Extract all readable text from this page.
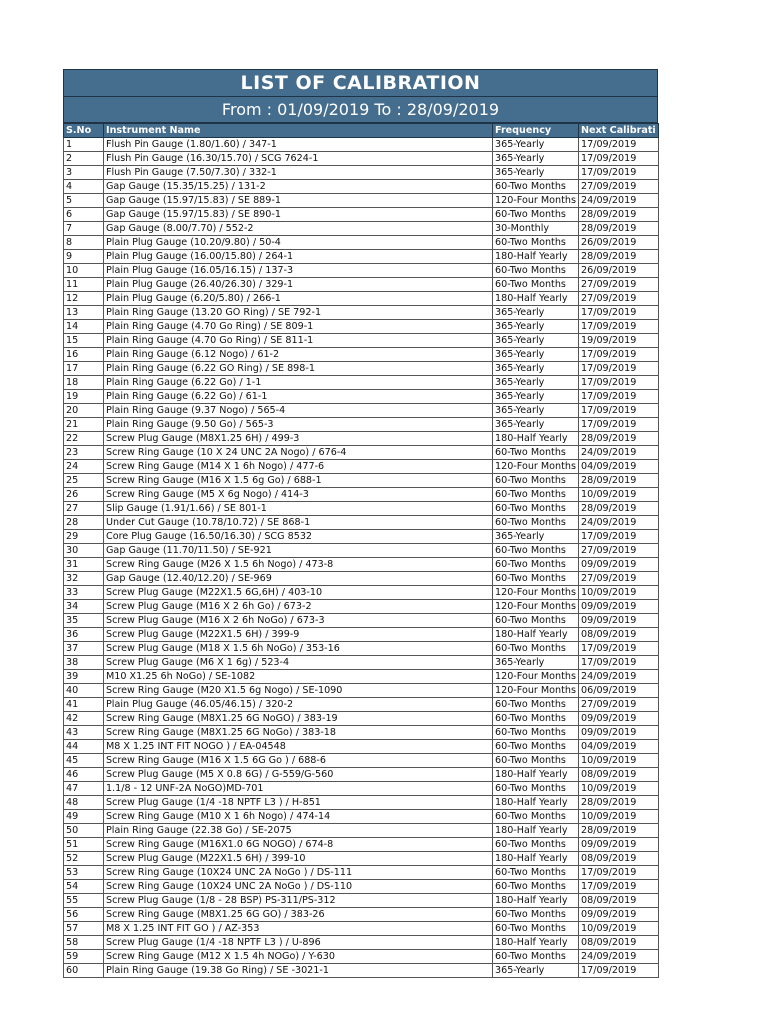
LIST OF CALIBRATION
From : 01/09/2019 To : 28/09/2019
S.No	Instrument Name	Frequency	Next Calibrati
1	Flush Pin Gauge (1.80/1.60) / 347-1	365-Yearly	17/09/2019
2	Flush Pin Gauge (16.30/15.70) / SCG 7624-1	365-Yearly	17/09/2019
3	Flush Pin Gauge (7.50/7.30) / 332-1	365-Yearly	17/09/2019
4	Gap Gauge (15.35/15.25) / 131-2	60-Two Months	27/09/2019
5	Gap Gauge (15.97/15.83) / SE 889-1	120-Four Months	24/09/2019
6	Gap Gauge (15.97/15.83) / SE 890-1	60-Two Months	28/09/2019
7	Gap Gauge (8.00/7.70) / 552-2	30-Monthly	28/09/2019
8	Plain Plug Gauge (10.20/9.80) / 50-4	60-Two Months	26/09/2019
9	Plain Plug Gauge (16.00/15.80) / 264-1	180-Half Yearly	28/09/2019
10	Plain Plug Gauge (16.05/16.15) / 137-3	60-Two Months	26/09/2019
11	Plain Plug Gauge (26.40/26.30) / 329-1	60-Two Months	27/09/2019
12	Plain Plug Gauge (6.20/5.80) / 266-1	180-Half Yearly	27/09/2019
13	Plain Ring Gauge (13.20 GO Ring) / SE 792-1	365-Yearly	17/09/2019
14	Plain Ring Gauge (4.70 Go Ring) / SE 809-1	365-Yearly	17/09/2019
15	Plain Ring Gauge (4.70 Go Ring) / SE 811-1	365-Yearly	19/09/2019
16	Plain Ring Gauge (6.12 Nogo) / 61-2	365-Yearly	17/09/2019
17	Plain Ring Gauge (6.22 GO Ring) / SE 898-1	365-Yearly	17/09/2019
18	Plain Ring Gauge (6.22 Go) / 1-1	365-Yearly	17/09/2019
19	Plain Ring Gauge (6.22 Go) / 61-1	365-Yearly	17/09/2019
20	Plain Ring Gauge (9.37 Nogo) / 565-4	365-Yearly	17/09/2019
21	Plain Ring Gauge (9.50 Go) / 565-3	365-Yearly	17/09/2019
22	Screw Plug Gauge (M8X1.25 6H) / 499-3	180-Half Yearly	28/09/2019
23	Screw Ring Gauge (10 X 24 UNC 2A Nogo) / 676-4	60-Two Months	24/09/2019
24	Screw Ring Gauge (M14 X 1 6h Nogo) / 477-6	120-Four Months	04/09/2019
25	Screw Ring Gauge (M16 X 1.5 6g Go) / 688-1	60-Two Months	28/09/2019
26	Screw Ring Gauge (M5 X 6g Nogo) / 414-3	60-Two Months	10/09/2019
27	Slip Gauge (1.91/1.66) / SE 801-1	60-Two Months	28/09/2019
28	Under Cut Gauge (10.78/10.72) / SE 868-1	60-Two Months	24/09/2019
29	Core Plug Gauge (16.50/16.30) / SCG 8532	365-Yearly	17/09/2019
30	Gap Gauge (11.70/11.50) / SE-921	60-Two Months	27/09/2019
31	Screw Ring Gauge (M26 X 1.5 6h Nogo) / 473-8	60-Two Months	09/09/2019
32	Gap Gauge (12.40/12.20) / SE-969	60-Two Months	27/09/2019
33	Screw Plug Gauge (M22X1.5 6G,6H) / 403-10	120-Four Months	10/09/2019
34	Screw Plug Gauge (M16 X 2 6h Go) / 673-2	120-Four Months	09/09/2019
35	Screw Plug Gauge (M16 X 2 6h NoGo) / 673-3	60-Two Months	09/09/2019
36	Screw Plug Gauge (M22X1.5 6H) / 399-9	180-Half Yearly	08/09/2019
37	Screw Plug Gauge (M18 X 1.5 6h NoGo) / 353-16	60-Two Months	17/09/2019
38	Screw Plug Gauge (M6 X 1 6g) / 523-4	365-Yearly	17/09/2019
39	M10 X1.25 6h NoGo) / SE-1082	120-Four Months	24/09/2019
40	Screw Ring Gauge (M20 X1.5 6g Nogo) / SE-1090	120-Four Months	06/09/2019
41	Plain Plug Gauge (46.05/46.15) / 320-2	60-Two Months	27/09/2019
42	Screw Ring Gauge (M8X1.25 6G NoGO) / 383-19	60-Two Months	09/09/2019
43	Screw Ring Gauge (M8X1.25 6G NoGo) / 383-18	60-Two Months	09/09/2019
44	M8 X 1.25 INT FIT NOGO ) / EA-04548	60-Two Months	04/09/2019
45	Screw Ring Gauge (M16 X 1.5 6G Go ) / 688-6	60-Two Months	10/09/2019
46	Screw Plug Gauge (M5 X 0.8 6G) / G-559/G-560	180-Half Yearly	08/09/2019
47	1.1/8 - 12 UNF-2A NoGO)MD-701	60-Two Months	10/09/2019
48	Screw Plug Gauge (1/4 -18 NPTF L3 ) / H-851	180-Half Yearly	28/09/2019
49	Screw Ring Gauge (M10 X 1 6h Nogo) / 474-14	60-Two Months	10/09/2019
50	Plain Ring Gauge (22.38 Go) / SE-2075	180-Half Yearly	28/09/2019
51	Screw Ring Gauge (M16X1.0 6G NOGO) / 674-8	60-Two Months	09/09/2019
52	Screw Plug Gauge (M22X1.5 6H) / 399-10	180-Half Yearly	08/09/2019
53	Screw Ring Gauge (10X24 UNC 2A NoGo ) / DS-111	60-Two Months	17/09/2019
54	Screw Ring Gauge (10X24 UNC 2A NoGo ) / DS-110	60-Two Months	17/09/2019
55	Screw Plug Gauge (1/8 - 28 BSP) PS-311/PS-312	180-Half Yearly	08/09/2019
56	Screw Ring Gauge (M8X1.25 6G GO) / 383-26	60-Two Months	09/09/2019
57	M8 X 1.25 INT FIT GO ) / AZ-353	60-Two Months	10/09/2019
58	Screw Plug Gauge (1/4 -18 NPTF L3 ) / U-896	180-Half Yearly	08/09/2019
59	Screw Ring Gauge (M12 X 1.5 4h NOGo) / Y-630	60-Two Months	24/09/2019
60	Plain Ring Gauge (19.38 Go Ring) / SE -3021-1	365-Yearly	17/09/2019
